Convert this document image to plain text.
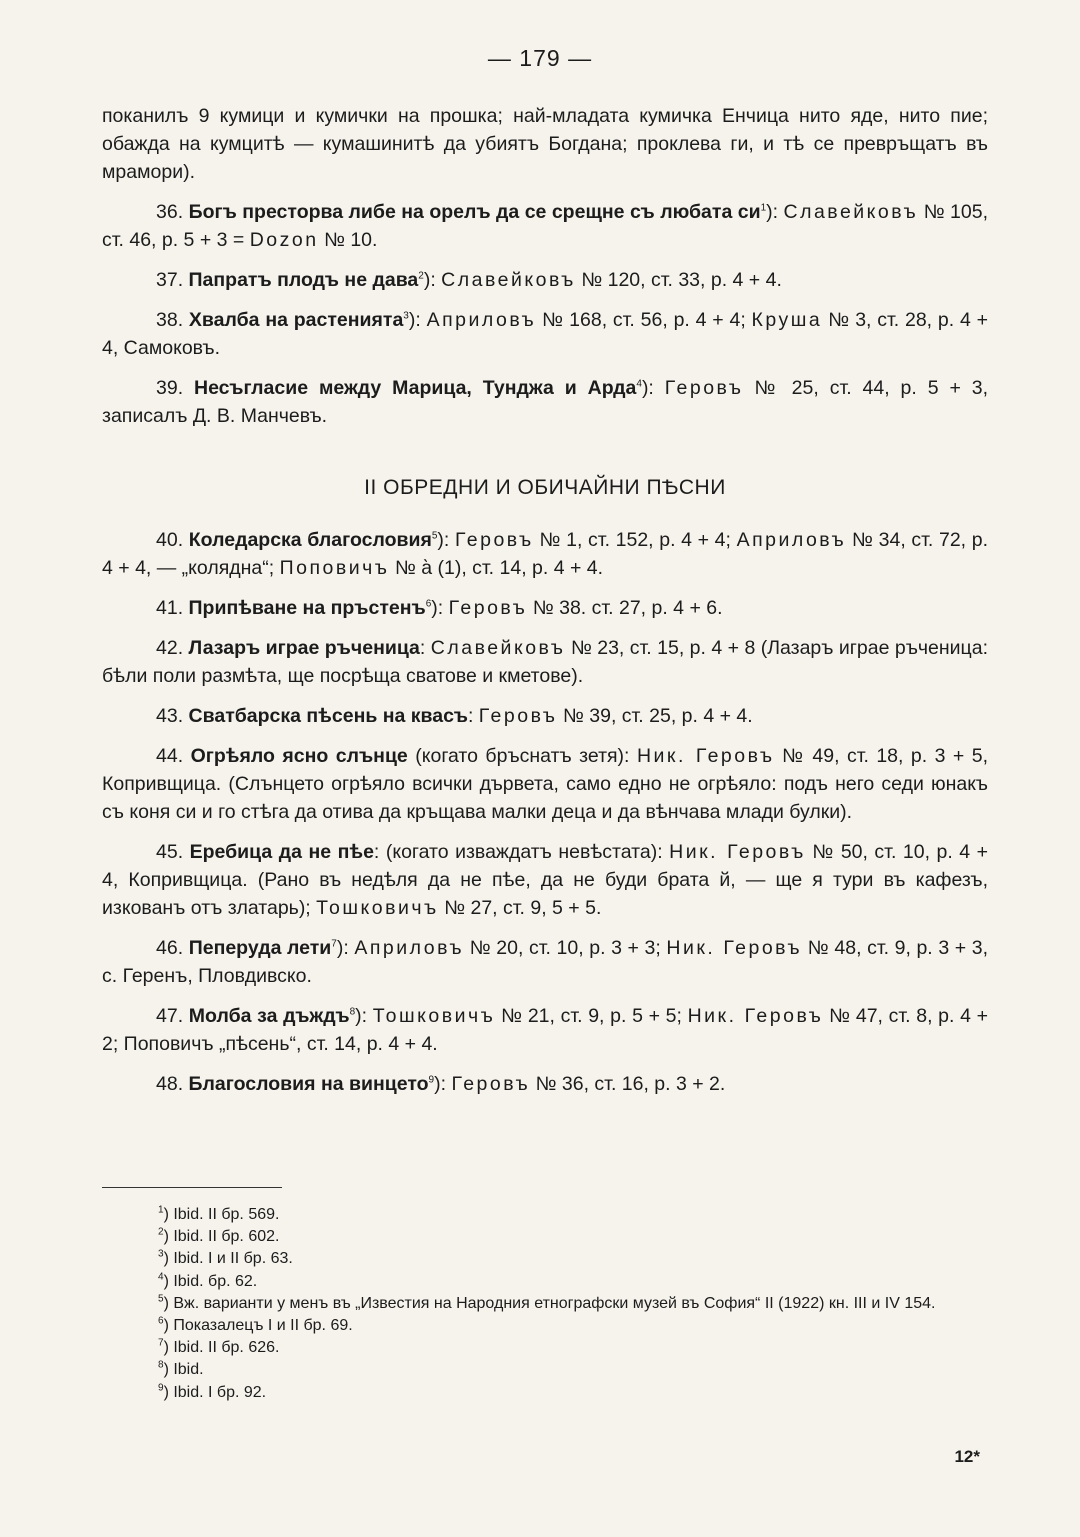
— 179 —

поканилъ 9 кумици и кумички на прошка; най-младата кумичка Енчица нито яде, нито пие; обажда на кумцитѣ — кумашинитѣ да убиятъ Богдана; проклева ги, и тѣ се превръщатъ въ мрамори).

36. Богъ престорва либе на орелъ да се срещне съ любата $си^1$): Славейковъ № 105, ст. 46, р. 5 + 3 = Dozon № 10.

37. Папратъ плодъ не дава$^2$): Славейковъ № 120, ст. 33, р. 4 + 4.

38. Хвалба на растенията$^3$): Априловъ № 168, ст. 56, р. 4 + 4; Круша № 3, ст. 28, р. 4 + 4, Самоковъ.

39. Несъгласие между Марица, Тунджа и Арда$^4$): Геровъ № 25, ст. 44, р. 5 + 3, записалъ Д. В. Манчевъ.

II ОБРЕДНИ И ОБИЧАЙНИ ПѢСНИ

40. Коледарска благословия$^5$): Геровъ № 1, ст. 152, р. 4 + 4; Априловъ № 34, ст. 72, р. 4 + 4, — „колядна“; Поповичъ № а̀ (1), ст. 14, р. 4 + 4.

41. Припѣване на пръстенъ$^6$): Геровъ № 38. ст. 27, р. 4 + 6.

42. Лазаръ играе ръченица: Славейковъ № 23, ст. 15, р. 4 + 8 (Лазаръ играе ръченица: бѣли поли размѣта, ще посрѣща сватове и кметове).

43. Сватбарска пѣсень на квасъ: Геровъ № 39, ст. 25, р. 4 + 4.

44. Огрѣяло ясно слънце (когато бръснатъ зетя): Ник. Геровъ № 49, ст. 18, р. 3 + 5, Копривщица. (Слънцето огрѣяло всички дървета, само едно не огрѣяло: подъ него седи юнакъ съ коня си и го стѣга да отива да кръщава малки деца и да вѣнчава млади булки).

45. Еребица да не пѣе: (когато изваждатъ невѣстата): Ник. Геровъ № 50, ст. 10, р. 4 + 4, Копривщица. (Рано въ недѣля да не пѣе, да не буди брата й, — ще я тури въ кафезъ, изкованъ отъ златарь); Тошковичъ № 27, ст. 9, 5 + 5.

46. Пеперуда лети$^7$): Априловъ № 20, ст. 10, р. 3 + 3; Ник. Геровъ № 48, ст. 9, р. 3 + 3, с. Геренъ, Пловдивско.

47. Молба за дъждъ$^8$): Тошковичъ № 21, ст. 9, р. 5 + 5; Ник. Геровъ № 47, ст. 8, р. 4 + 2; Поповичъ „пѣсень“, ст. 14, р. 4 + 4.

48. Благословия на винцето$^9$): Геровъ № 36, ст. 16, р. 3 + 2.

$^1$) Ibid. II бр. 569.
$^2$) Ibid. II бр. 602.
$^3$) Ibid. I и II бр. 63.
$^4$) Ibid. бр. 62.
$^5$) Вж. варианти у менъ въ „Известия на Народния етнографски музей въ София“ II (1922) кн. III и IV 154.
$^6$) Показалецъ I и II бр. 69.
$^7$) Ibid. II бр. 626.
$^8$) Ibid.
$^9$) Ibid. I бр. 92.
12*
